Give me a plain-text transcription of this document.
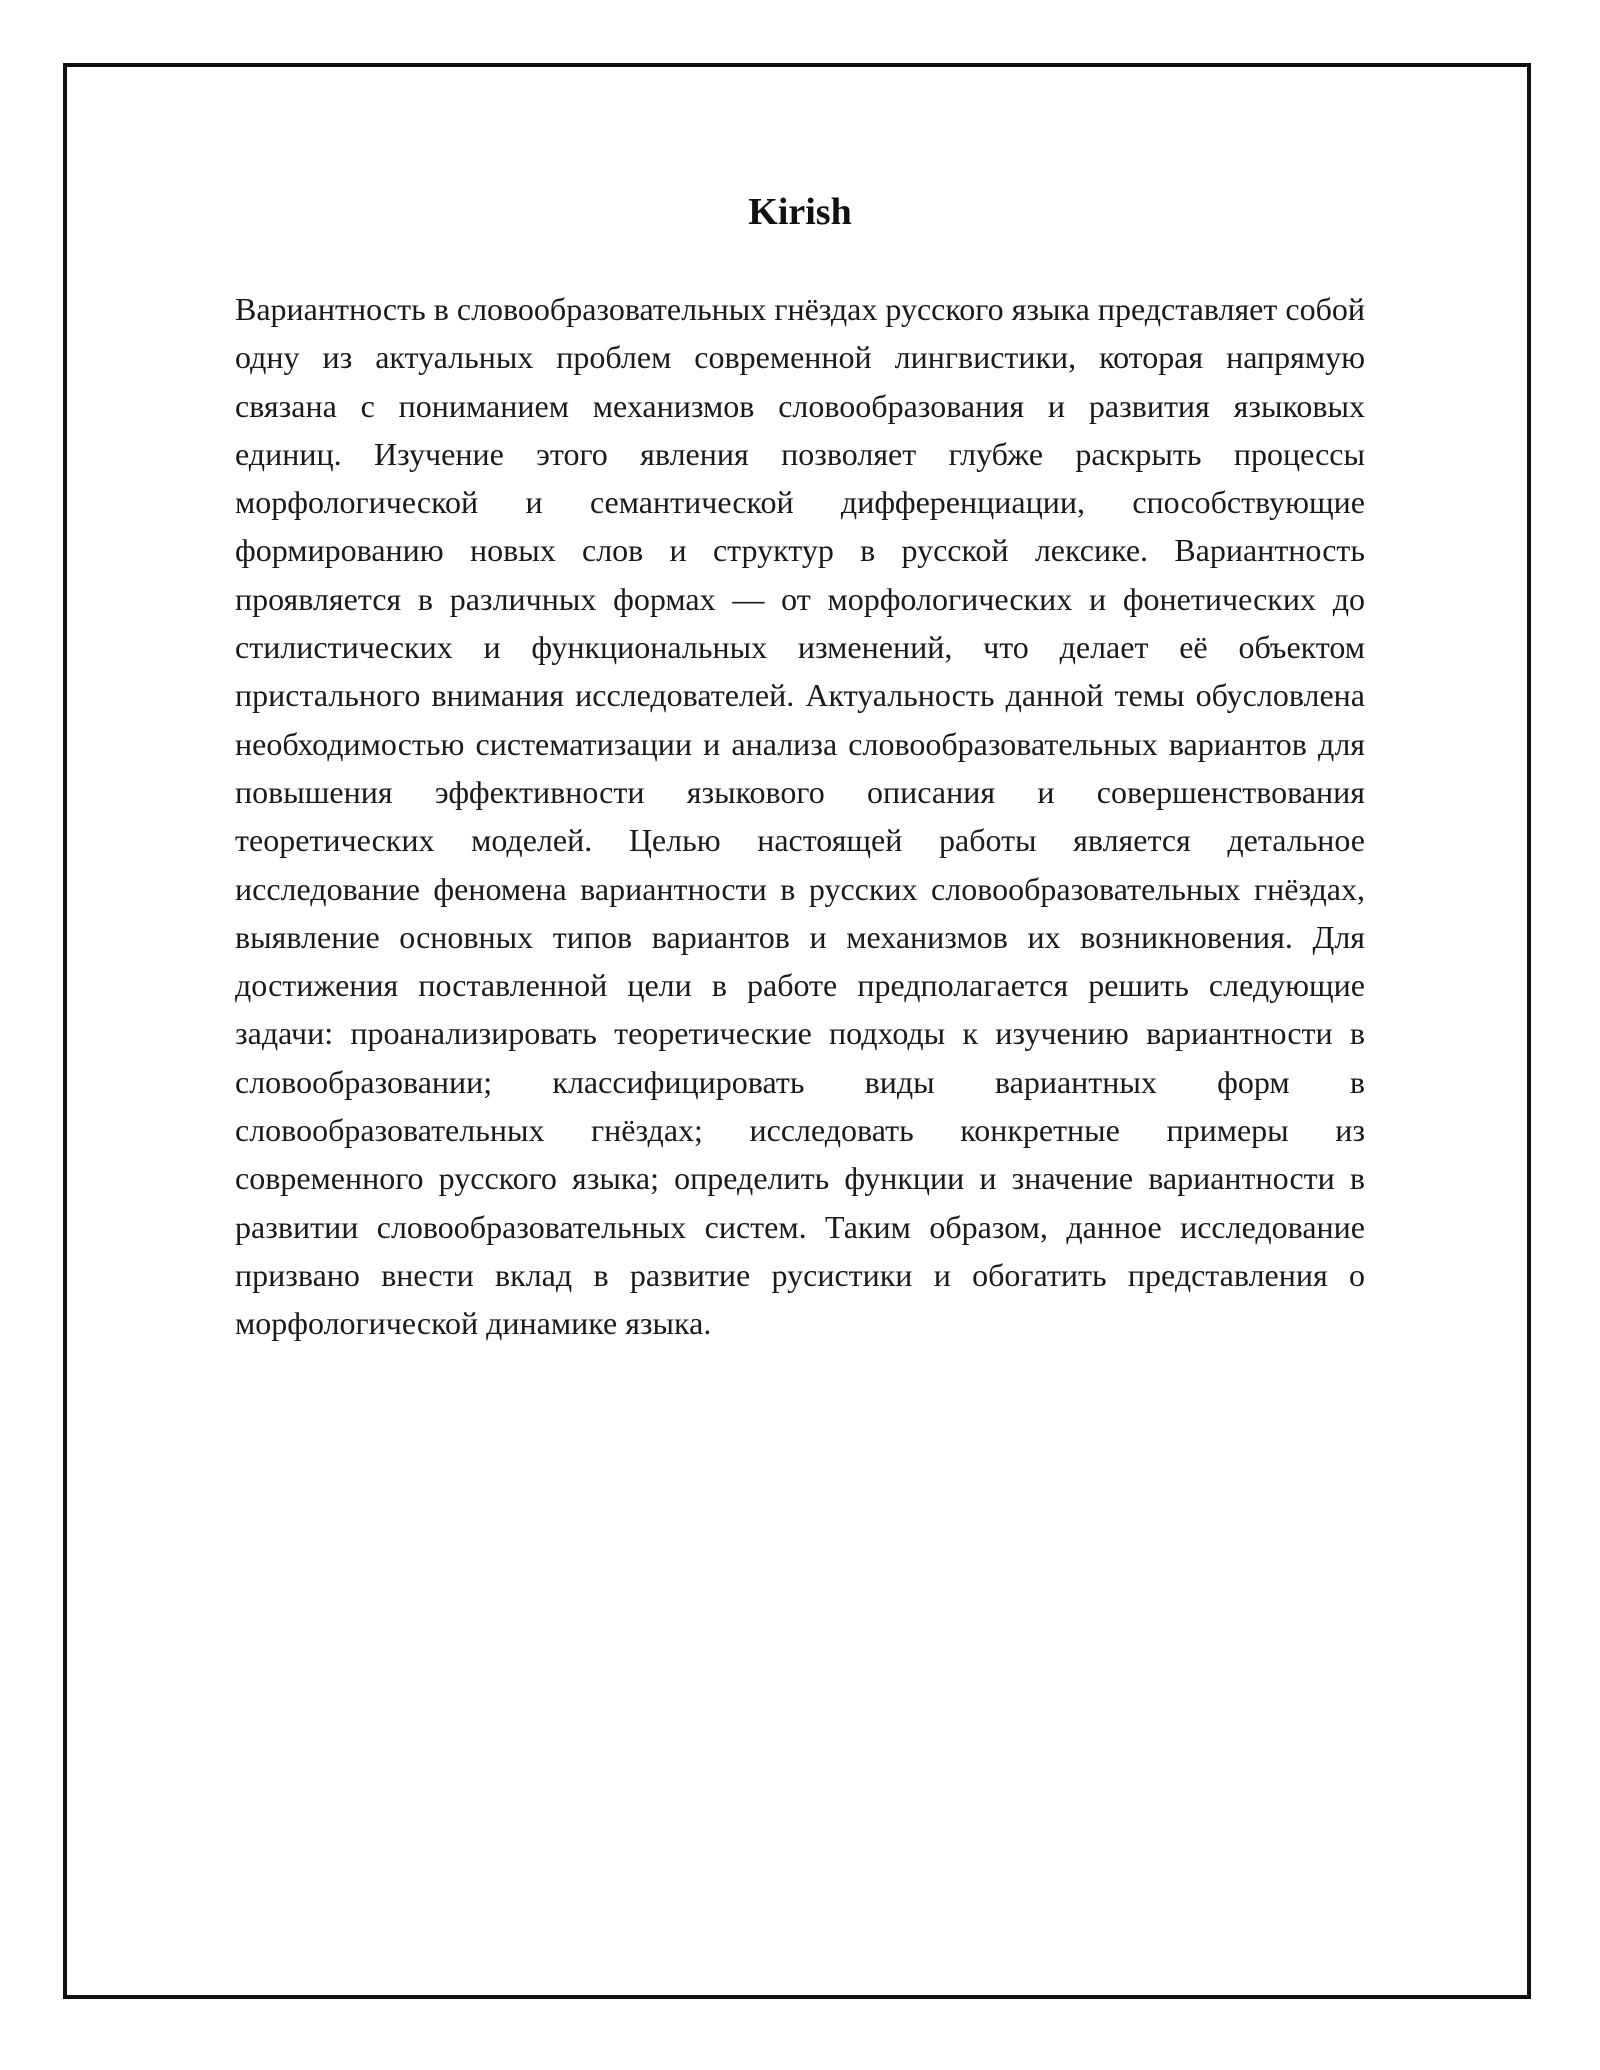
Kirish

Вариантность в словообразовательных гнёздах русского языка представляет собой одну из актуальных проблем современной лингвистики, которая напрямую связана с пониманием механизмов словообразования и развития языковых единиц. Изучение этого явления позволяет глубже раскрыть процессы морфологической и семантической дифференциации, способствующие формированию новых слов и структур в русской лексике. Вариантность проявляется в различных формах — от морфологических и фонетических до стилистических и функциональных изменений, что делает её объектом пристального внимания исследователей. Актуальность данной темы обусловлена необходимостью систематизации и анализа словообразовательных вариантов для повышения эффективности языкового описания и совершенствования теоретических моделей. Целью настоящей работы является детальное исследование феномена вариантности в русских словообразовательных гнёздах, выявление основных типов вариантов и механизмов их возникновения. Для достижения поставленной цели в работе предполагается решить следующие задачи: проанализировать теоретические подходы к изучению вариантности в словообразовании; классифицировать виды вариантных форм в словообразовательных гнёздах; исследовать конкретные примеры из современного русского языка; определить функции и значение вариантности в развитии словообразовательных систем. Таким образом, данное исследование призвано внести вклад в развитие русистики и обогатить представления о морфологической динамике языка.
